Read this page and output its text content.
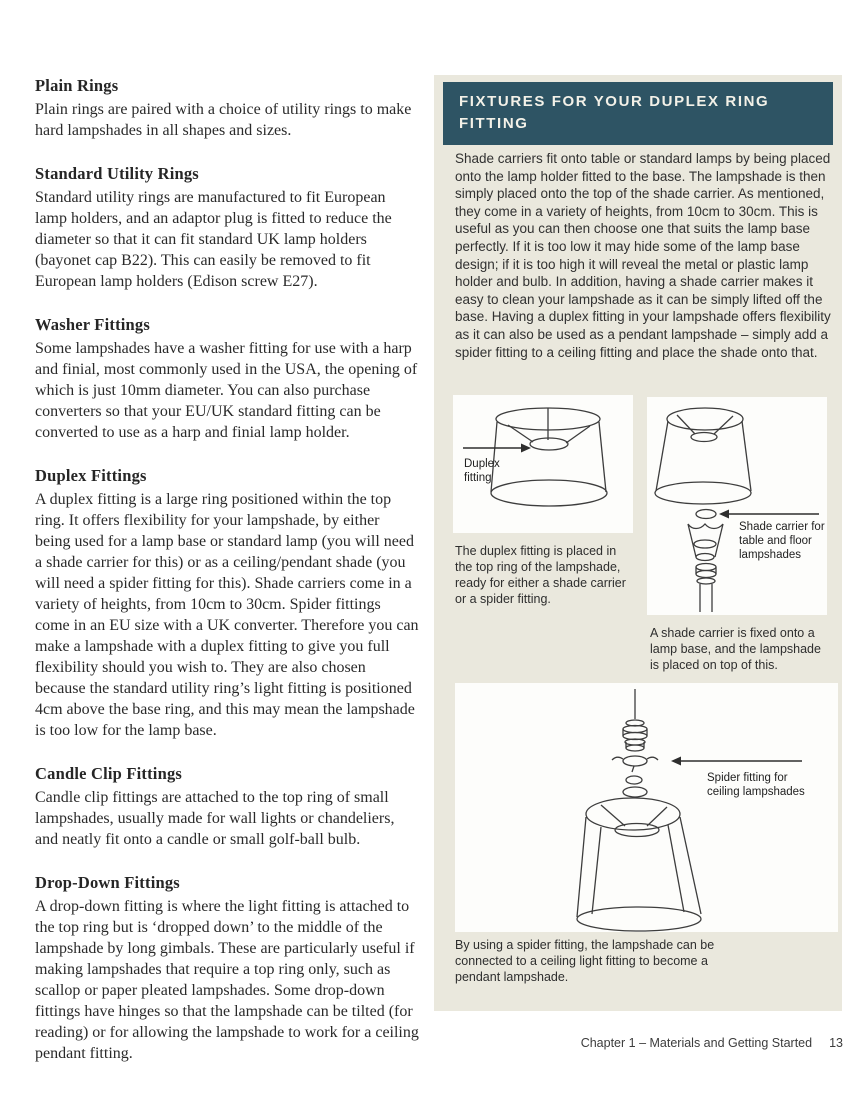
Plain Rings

Plain rings are paired with a choice of utility rings to make hard lampshades in all shapes and sizes.

Standard Utility Rings

Standard utility rings are manufactured to fit European lamp holders, and an adaptor plug is fitted to reduce the diameter so that it can fit standard UK lamp holders (bayonet cap B22). This can easily be removed to fit European lamp holders (Edison screw E27).

Washer Fittings

Some lampshades have a washer fitting for use with a harp and finial, most commonly used in the USA, the opening of which is just 10mm diameter. You can also purchase converters so that your EU/UK standard fitting can be converted to use as a harp and finial lamp holder.

Duplex Fittings

A duplex fitting is a large ring positioned within the top ring. It offers flexibility for your lampshade, by either being used for a lamp base or standard lamp (you will need a shade carrier for this) or as a ceiling/pendant shade (you will need a spider fitting for this). Shade carriers come in a variety of heights, from 10cm to 30cm. Spider fittings come in an EU size with a UK converter. Therefore you can make a lampshade with a duplex fitting to give you full flexibility should you wish to. They are also chosen because the standard utility ring’s light fitting is positioned 4cm above the base ring, and this may mean the lampshade is too low for the lamp base.

Candle Clip Fittings

Candle clip fittings are attached to the top ring of small lampshades, usually made for wall lights or chandeliers, and neatly fit onto a candle or small golf-ball bulb.

Drop-Down Fittings

A drop-down fitting is where the light fitting is attached to the top ring but is ‘dropped down’ to the middle of the lampshade by long gimbals. These are particularly useful if making lampshades that require a top ring only, such as scallop or paper pleated lampshades. Some drop-down fittings have hinges so that the lampshade can be tilted (for reading) or for allowing the lampshade to work for a ceiling pendant fitting.

FIXTURES FOR YOUR DUPLEX RING FITTING
Shade carriers fit onto table or standard lamps by being placed onto the lamp holder fitted to the base. The lampshade is then simply placed onto the top of the shade carrier. As mentioned, they come in a variety of heights, from 10cm to 30cm. This is useful as you can then choose one that suits the lamp base perfectly. If it is too low it may hide some of the lamp base design; if it is too high it will reveal the metal or plastic lamp holder and bulb. In addition, having a shade carrier makes it easy to clean your lampshade as it can be simply lifted off the base. Having a duplex fitting in your lampshade offers flexibility as it can also be used as a pendant lampshade – simply add a spider fitting to a ceiling fitting and place the shade onto that.
Duplex
fitting
Shade carrier for
table and floor
lampshades
Spider fitting for
ceiling lampshades
The duplex fitting is placed in the top ring of the lampshade, ready for either a shade carrier or a spider fitting.
A shade carrier is fixed onto a lamp base, and the lampshade is placed on top of this.
By using a spider fitting, the lampshade can be connected to a ceiling light fitting to become a pendant lampshade.
Chapter 1 – Materials and Getting Started 13
